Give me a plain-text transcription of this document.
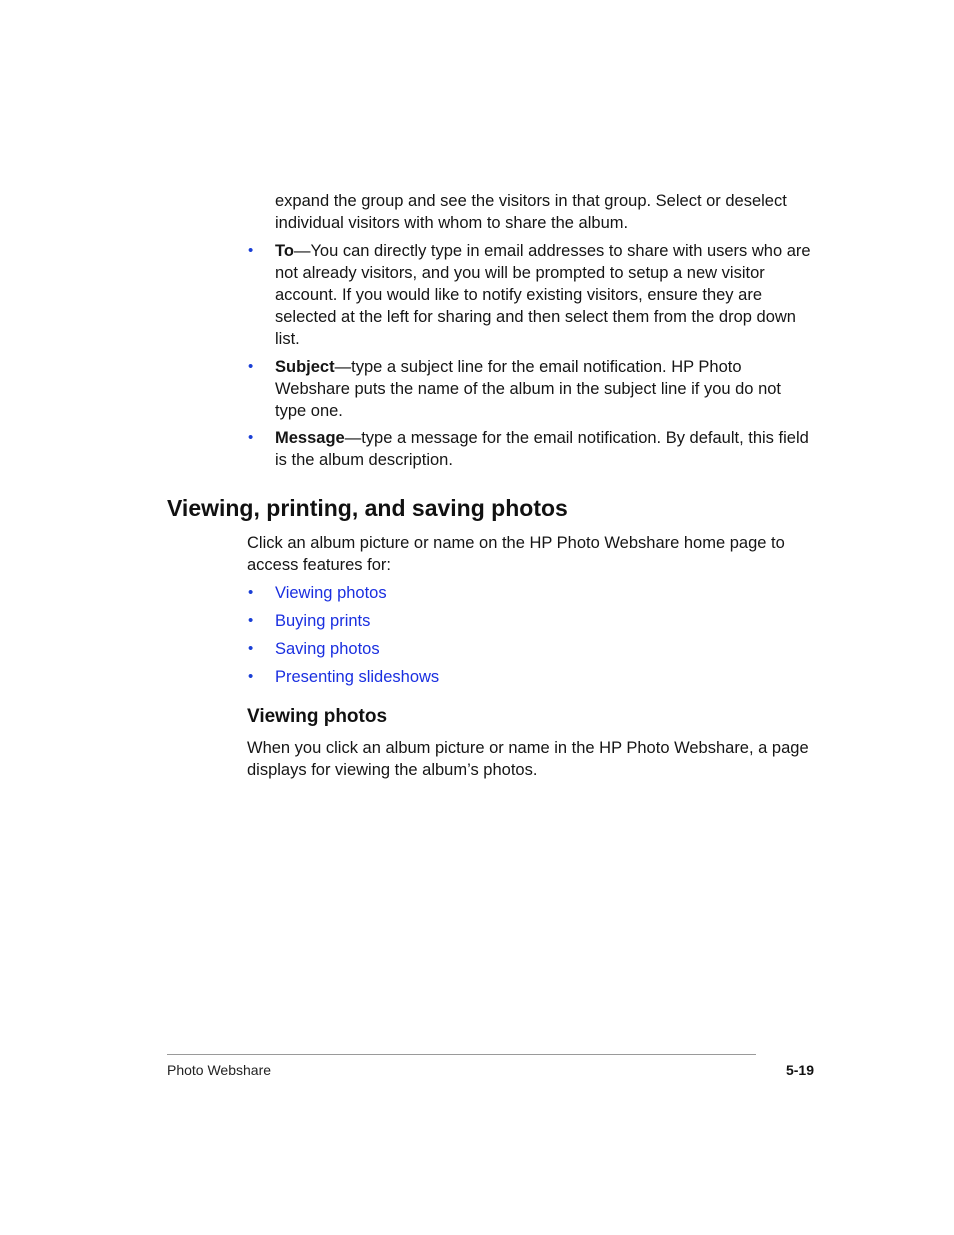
expand the group and see the visitors in that group. Select or deselect individual visitors with whom to share the album.
• To—You can directly type in email addresses to share with users who are not already visitors, and you will be prompted to setup a new visitor account. If you would like to notify existing visitors, ensure they are selected at the left for sharing and then select them from the drop down list.
• Subject—type a subject line for the email notification. HP Photo Webshare puts the name of the album in the subject line if you do not type one.
• Message—type a message for the email notification. By default, this field is the album description.
Viewing, printing, and saving photos
Click an album picture or name on the HP Photo Webshare home page to access features for:
• Viewing photos
• Buying prints
• Saving photos
• Presenting slideshows
Viewing photos
When you click an album picture or name in the HP Photo Webshare, a page displays for viewing the album’s photos.
Photo Webshare	5-19
